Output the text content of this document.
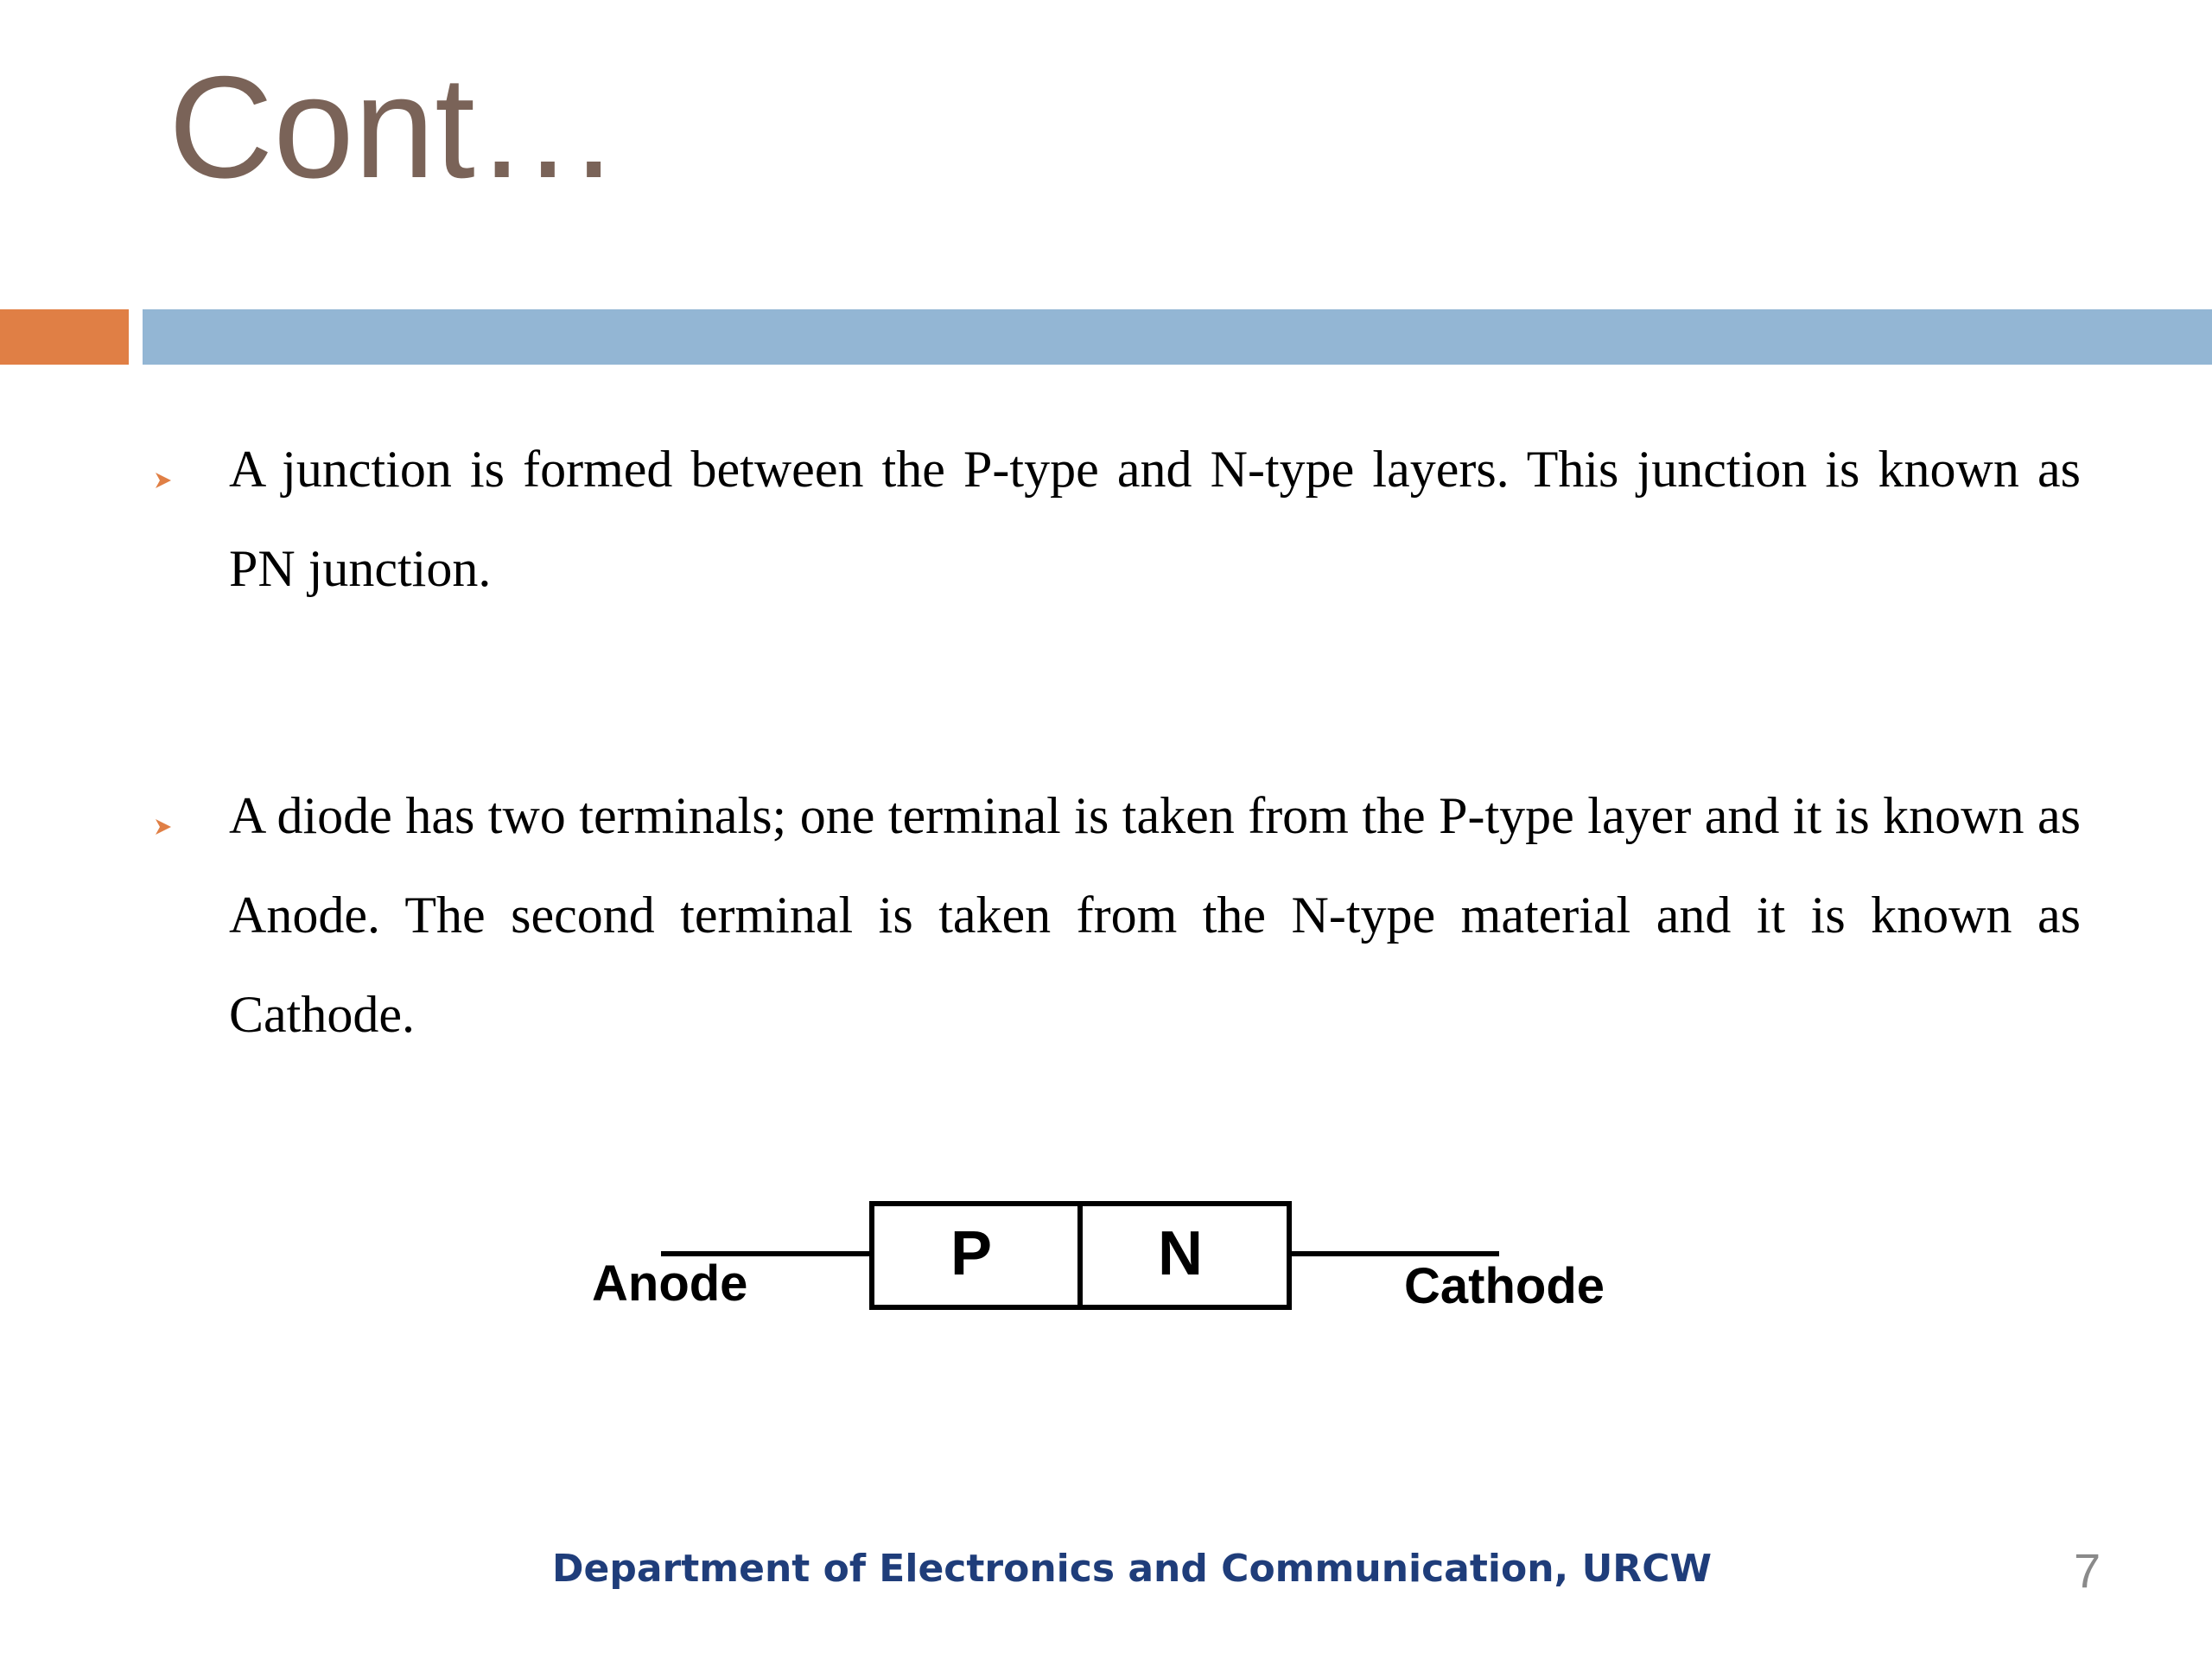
Cont…
A junction is formed between the P-type and N-type layers. This junction is known as PN junction.
A diode has two terminals; one terminal is taken from the P-type layer and it is known as Anode. The second terminal is taken from the N-type material and it is known as Cathode.
Anode	P	N	Cathode
Department of Electronics and Communication, URCW	7
